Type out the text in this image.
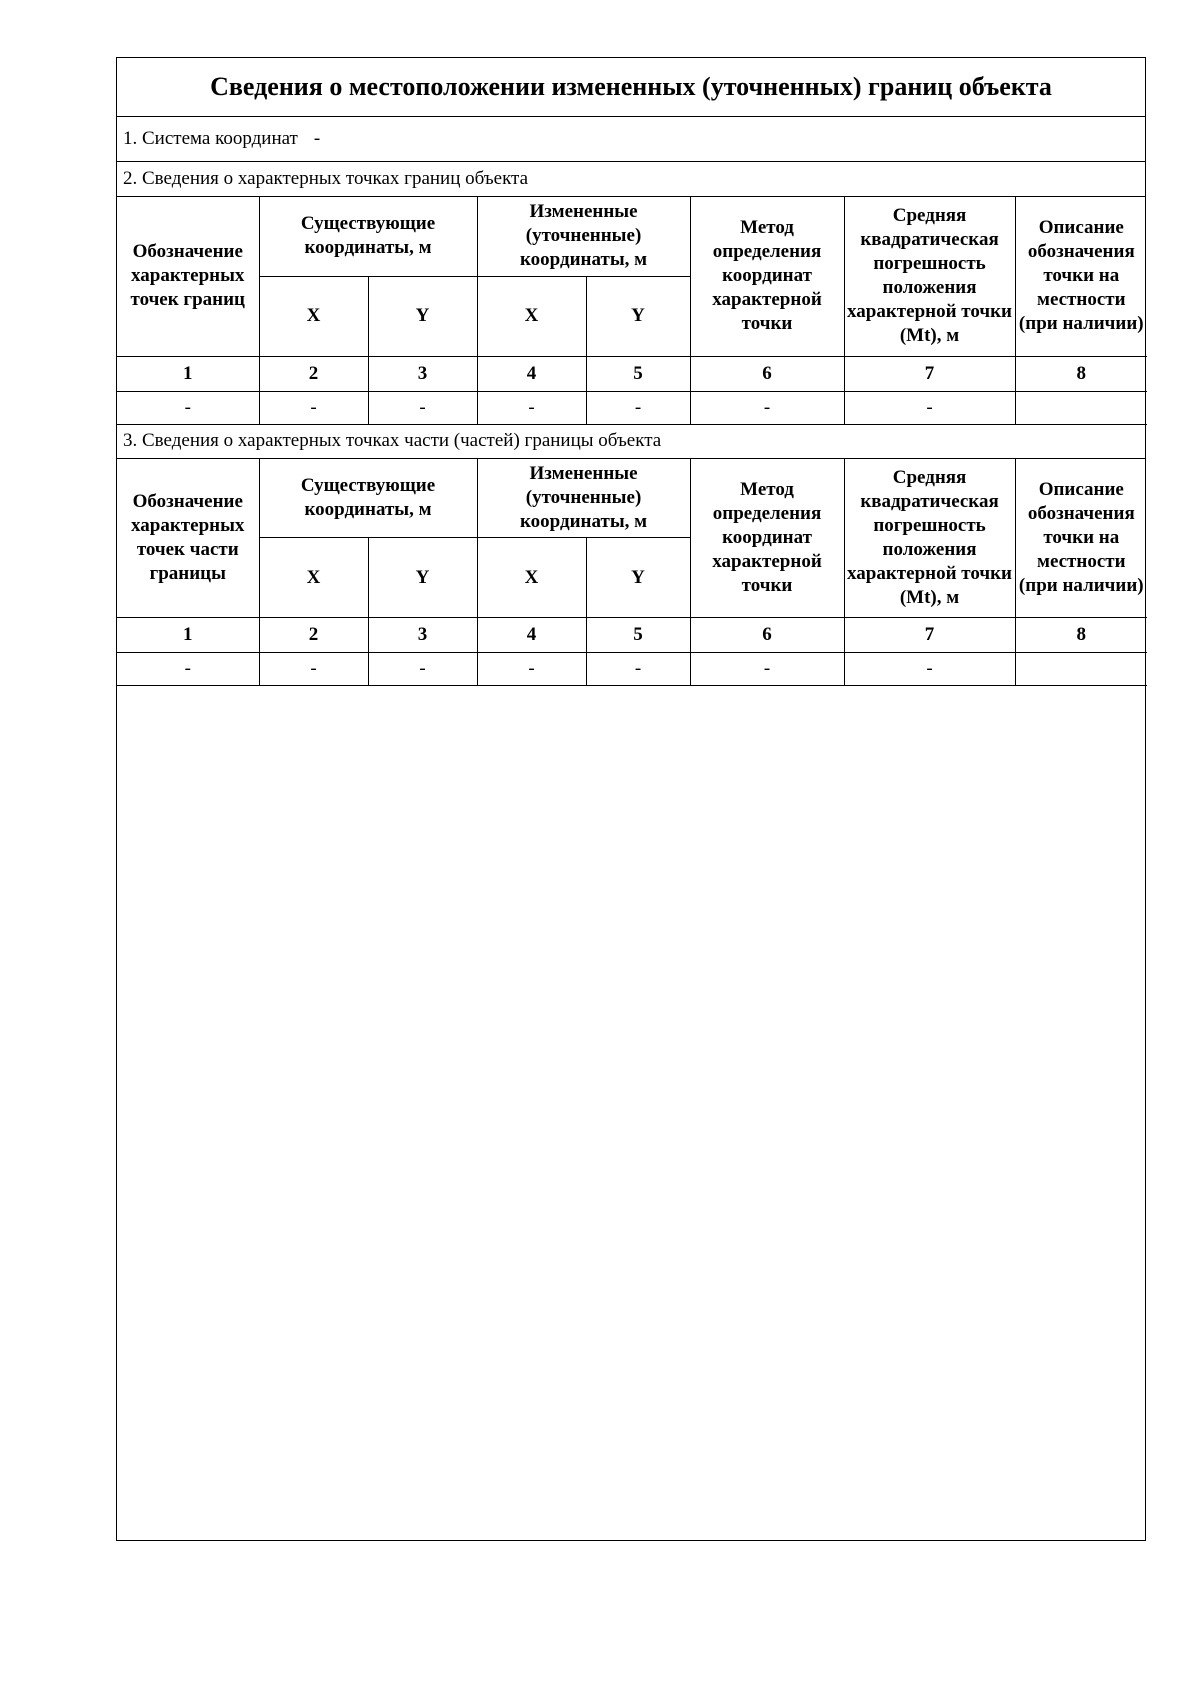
Сведения о местоположении измененных (уточненных) границ объекта
1. Система координат -
2. Сведения о характерных точках границ объекта
Обозначение характерных точек границ	Существующие координаты, м		Измененные (уточненные) координаты, м		Метод определения координат характерной точки	Средняя квадратическая погрешность положения характерной точки (Mt), м	Описание обозначения точки на местности (при наличии)
	X	Y	X	Y			
1	2	3	4	5	6	7	8
-	-	-	-	-	-	-	
3. Сведения о характерных точках части (частей) границы объекта
Обозначение характерных точек части границы	Существующие координаты, м		Измененные (уточненные) координаты, м		Метод определения координат характерной точки	Средняя квадратическая погрешность положения характерной точки (Mt), м	Описание обозначения точки на местности (при наличии)
	X	Y	X	Y			
1	2	3	4	5	6	7	8
-	-	-	-	-	-	-	
